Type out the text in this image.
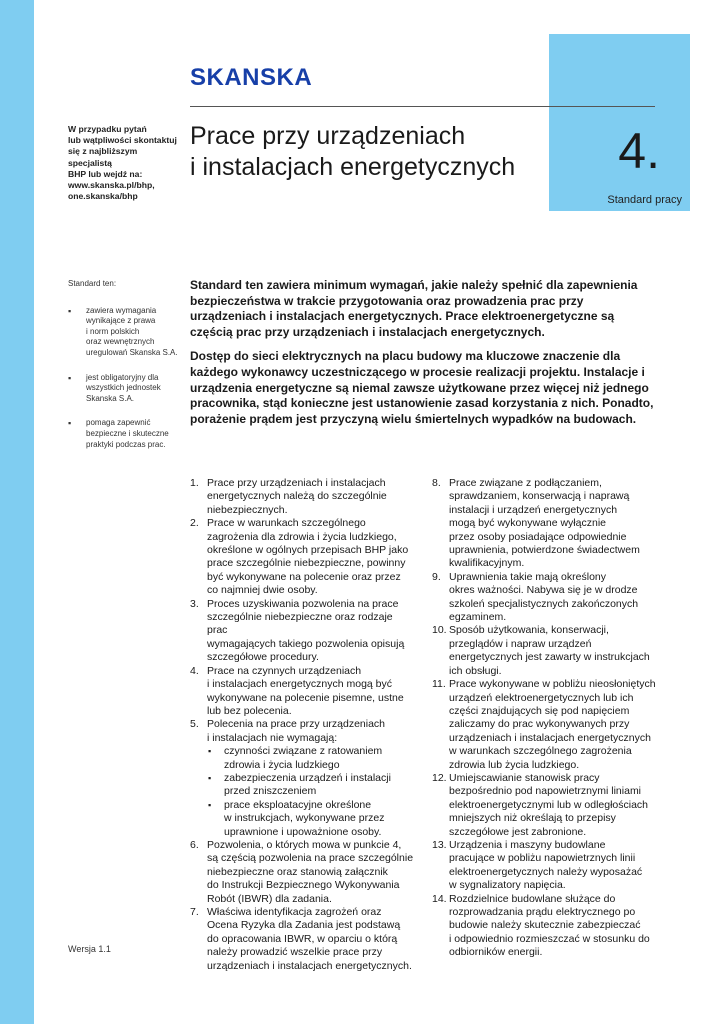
4.
Standard pracy
SKANSKA
W przypadku pytań
lub wątpliwości skontaktuj
się z najbliższym specjalistą
BHP lub wejdź na:
www.skanska.pl/bhp,
one.skanska/bhp
Prace przy urządzeniach
i instalacjach energetycznych
Standard ten:
▪ zawiera wymagania
wynikające z prawa
i norm polskich
oraz wewnętrznych
uregulowań Skanska S.A.
▪ jest obligatoryjny dla
wszystkich jednostek
Skanska S.A.
▪ pomaga zapewnić
bezpieczne i skuteczne
praktyki podczas prac.

Standard ten zawiera minimum wymagań, jakie należy spełnić dla zapewnienia bezpieczeństwa w trakcie przygotowania oraz prowadzenia prac przy urządzeniach i instalacjach energetycznych. Prace elektroenergetyczne są częścią prac przy urządzeniach i instalacjach energetycznych.

Dostęp do sieci elektrycznych na placu budowy ma kluczowe znaczenie dla każdego wykonawcy uczestniczącego w procesie realizacji projektu. Instalacje i urządzenia energetyczne są niemal zawsze użytkowane przez więcej niż jednego pracownika, stąd konieczne jest ustanowienie zasad korzystania z nich. Ponadto, porażenie prądem jest przyczyną wielu śmiertelnych wypadków na budowach.

1. Prace przy urządzeniach i instalacjach
energetycznych należą do szczególnie
niebezpiecznych.
2. Prace w warunkach szczególnego
zagrożenia dla zdrowia i życia ludzkiego,
określone w ogólnych przepisach BHP jako
prace szczególnie niebezpieczne, powinny
być wykonywane na polecenie oraz przez
co najmniej dwie osoby.
3. Proces uzyskiwania pozwolenia na prace
szczególnie niebezpieczne oraz rodzaje prac
wymagających takiego pozwolenia opisują
szczegółowe procedury.
4. Prace na czynnych urządzeniach
i instalacjach energetycznych mogą być
wykonywane na polecenie pisemne, ustne
lub bez polecenia.
5. Polecenia na prace przy urządzeniach
i instalacjach nie wymagają:
▪ czynności związane z ratowaniem
zdrowia i życia ludzkiego
▪ zabezpieczenia urządzeń i instalacji
przed zniszczeniem
▪ prace eksploatacyjne określone
w instrukcjach, wykonywane przez
uprawnione i upoważnione osoby.
6. Pozwolenia, o których mowa w punkcie 4,
są częścią pozwolenia na prace szczególnie
niebezpieczne oraz stanowią załącznik
do Instrukcji Bezpiecznego Wykonywania
Robót (IBWR) dla zadania.
7. Właściwa identyfikacja zagrożeń oraz
Ocena Ryzyka dla Zadania jest podstawą
do opracowania IBWR, w oparciu o którą
należy prowadzić wszelkie prace przy
urządzeniach i instalacjach energetycznych.
8. Prace związane z podłączaniem,
sprawdzaniem, konserwacją i naprawą
instalacji i urządzeń energetycznych
mogą być wykonywane wyłącznie
przez osoby posiadające odpowiednie
uprawnienia, potwierdzone świadectwem
kwalifikacyjnym.
9. Uprawnienia takie mają określony
okres ważności. Nabywa się je w drodze
szkoleń specjalistycznych zakończonych
egzaminem.
10. Sposób użytkowania, konserwacji,
przeglądów i napraw urządzeń
energetycznych jest zawarty w instrukcjach
ich obsługi.
11. Prace wykonywane w pobliżu nieosłoniętych
urządzeń elektroenergetycznych lub ich
części znajdujących się pod napięciem
zaliczamy do prac wykonywanych przy
urządzeniach i instalacjach energetycznych
w warunkach szczególnego zagrożenia
zdrowia lub życia ludzkiego.
12. Umiejscawianie stanowisk pracy
bezpośrednio pod napowietrznymi liniami
elektroenergetycznymi lub w odległościach
mniejszych niż określają to przepisy
szczegółowe jest zabronione.
13. Urządzenia i maszyny budowlane
pracujące w pobliżu napowietrznych linii
elektroenergetycznych należy wyposażać
w sygnalizatory napięcia.
14. Rozdzielnice budowlane służące do
rozprowadzania prądu elektrycznego po
budowie należy skutecznie zabezpieczać
i odpowiednio rozmieszczać w stosunku do
odbiorników energii.
Wersja 1.1
